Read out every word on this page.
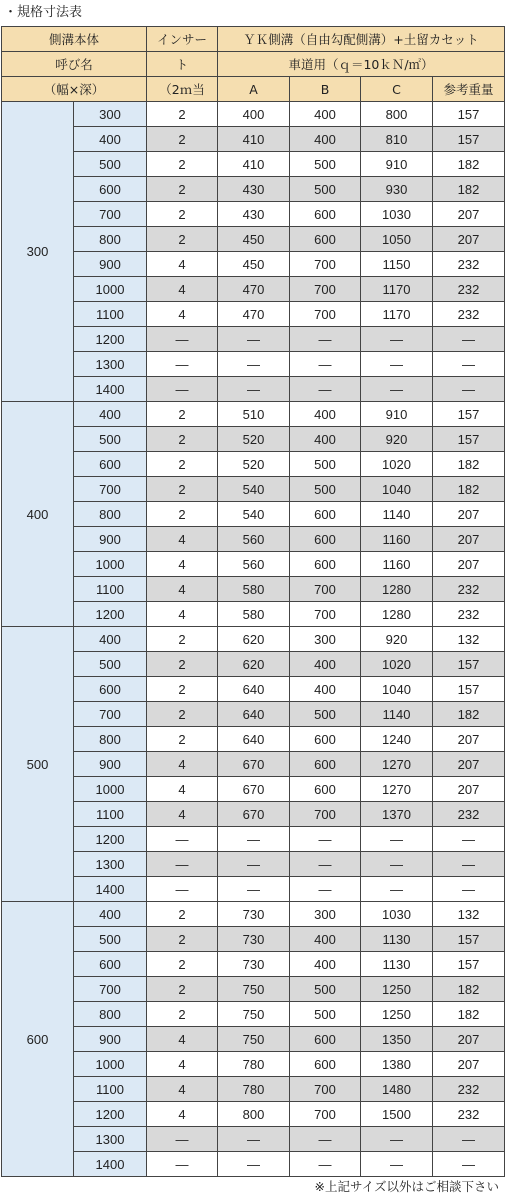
・規格寸法表
側溝本体		インサー	ＹＫ側溝（自由勾配側溝）+土留カセット			
呼び名		ト	車道用（ｑ＝10ｋＮ/㎡）			
（幅×深）		（2ｍ当	A	B	C	参考重量
300	300	2	400	400	800	157
	400	2	410	400	810	157
	500	2	410	500	910	182
	600	2	430	500	930	182
	700	2	430	600	1030	207
	800	2	450	600	1050	207
	900	4	450	700	1150	232
	1000	4	470	700	1170	232
	1100	4	470	700	1170	232
	1200	—	—	—	—	—
	1300	—	—	—	—	—
	1400	—	—	—	—	—
400	400	2	510	400	910	157
	500	2	520	400	920	157
	600	2	520	500	1020	182
	700	2	540	500	1040	182
	800	2	540	600	1140	207
	900	4	560	600	1160	207
	1000	4	560	600	1160	207
	1100	4	580	700	1280	232
	1200	4	580	700	1280	232
500	400	2	620	300	920	132
	500	2	620	400	1020	157
	600	2	640	400	1040	157
	700	2	640	500	1140	182
	800	2	640	600	1240	207
	900	4	670	600	1270	207
	1000	4	670	600	1270	207
	1100	4	670	700	1370	232
	1200	—	—	—	—	—
	1300	—	—	—	—	—
	1400	—	—	—	—	—
600	400	2	730	300	1030	132
	500	2	730	400	1130	157
	600	2	730	400	1130	157
	700	2	750	500	1250	182
	800	2	750	500	1250	182
	900	4	750	600	1350	207
	1000	4	780	600	1380	207
	1100	4	780	700	1480	232
	1200	4	800	700	1500	232
	1300	—	—	—	—	—
	1400	—	—	—	—	—
※上記サイズ以外はご相談下さい
